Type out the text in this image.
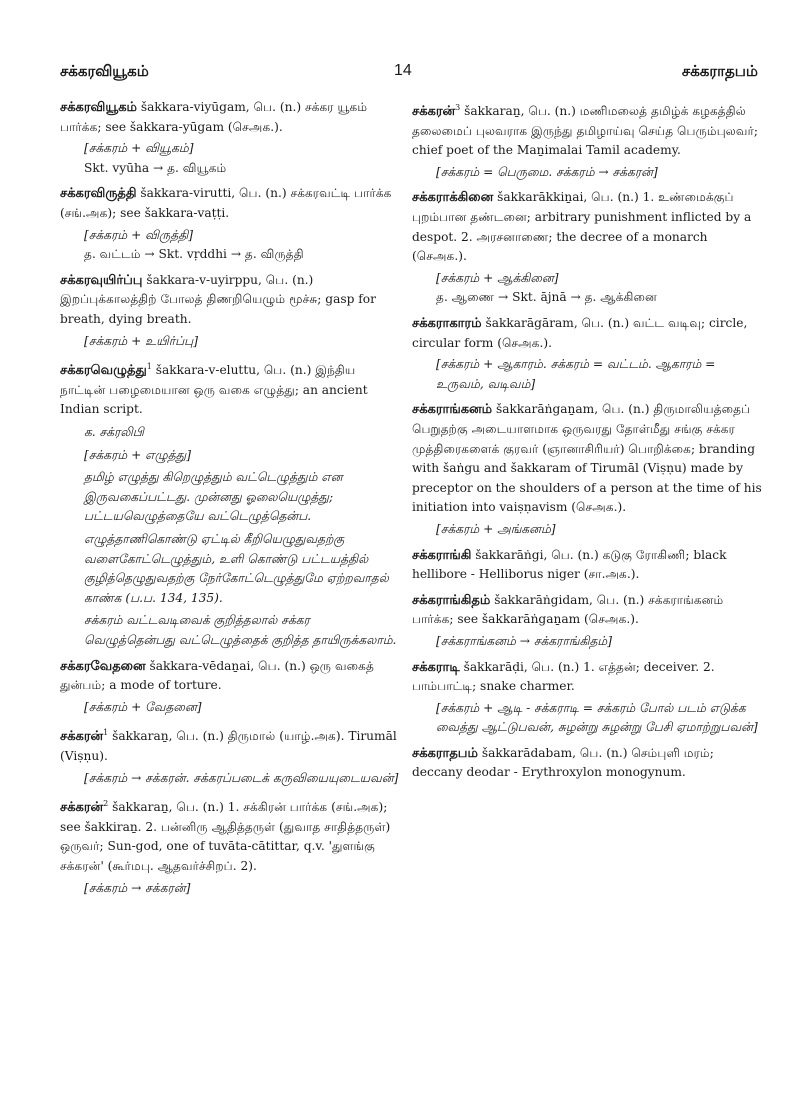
சக்கரவியூகம்	14	சக்கராதபம்

சக்கரவியூகம் šakkara-viyūgam, பெ. (n.) சக்கர யூகம் பார்க்க; see šakkara-yūgam (செஅக.).

[சக்கரம் + வியூகம்]

Skt. vyūha → த. வியூகம்

சக்கரவிருத்தி šakkara-virutti, பெ. (n.) சக்கரவட்டி பார்க்க (சங்.அக); see šakkara-vaṭṭi.

[சக்கரம் + விருத்தி]

த. வட்டம் → Skt. vṛddhi → த. விருத்தி

சக்கரவுயிர்ப்பு šakkara-v-uyirppu, பெ. (n.) இறப்புக்காலத்திற் போலத் திணறியெழும் மூச்சு; gasp for breath, dying breath.

[சக்கரம் + உயிர்ப்பு]

சக்கரவெழுத்து$^1$ šakkara-v-eluttu, பெ. (n.) இந்திய நாட்டின் பழைமையான ஒரு வகை எழுத்து; an ancient Indian script.

க. சக்ரலிபி

[சக்கரம் + எழுத்து]

தமிழ் எழுத்து கிறெழுத்தும் வட்டெழுத்தும் என இருவகைப்பட்டது. முன்னது ஓலையெழுத்து; பட்டயவெழுத்தையே வட்டெழுத்தென்ப.

எழுத்தாணிகொண்டு ஏட்டில் கீறியெழுதுவதற்கு வளைகோட்டெழுத்தும், உளி கொண்டு பட்டயத்தில் குழித்தெழுதுவதற்கு நேர்கோட்டெழுத்துமே ஏற்றவாதல் காண்க (ப.ப. 134, 135).

சக்கரம் வட்டவடிவைக் குறித்தலால் சக்கர வெழுத்தென்பது வட்டெழுத்தைக் குறித்த தாயிருக்கலாம்.

சக்கரவேதனை šakkara-vēdaṉai, பெ. (n.) ஒரு வகைத் துன்பம்; a mode of torture.

[சக்கரம் + வேதனை]

சக்கரன்$^1$ šakkaraṉ, பெ. (n.) திருமால் (யாழ்.அக). Tirumāl (Viṣṇu).

[சக்கரம் → சக்கரன். சக்கரப்படைக் கருவியையுடையவன்]

சக்கரன்$^2$ šakkaraṉ, பெ. (n.) 1. சக்கிரன் பார்க்க (சங்.அக); see šakkiraṉ. 2. பன்னிரு ஆதித்தருள் (துவாத சாதித்தருள்) ஒருவர்; Sun-god, one of tuvāta-cātittar, q.v. 'துளங்கு சக்கரன்' (கூர்மபு. ஆதவர்ச்சிறப். 2).

[சக்கரம் → சக்கரன்]

சக்கரன்$^3$ šakkaraṉ, பெ. (n.) மணிமலைத் தமிழ்க் கழகத்தில் தலைமைப் புலவராக இருந்து தமிழாய்வு செய்த பெரும்புலவர்; chief poet of the Maṉimalai Tamil academy.

[சக்கரம் = பெருமை. சக்கரம் → சக்கரன்]

சக்கராக்கினை šakkarākkiṉai, பெ. (n.) 1. உண்மைக்குப் புறம்பான தண்டனை; arbitrary punishment inflicted by a despot. 2. அரசனாணை; the decree of a monarch (செஅக.).

[சக்கரம் + ஆக்கினை]

த. ஆணை → Skt. ājnā → த. ஆக்கினை

சக்கராகாரம் šakkarāgāram, பெ. (n.) வட்ட வடிவு; circle, circular form (செஅக.).

[சக்கரம் + ஆகாரம். சக்கரம் = வட்டம். ஆகாரம் = உருவம், வடிவம்]

சக்கராங்கனம் šakkarāṅgaṉam, பெ. (n.) திருமாலியத்தைப் பெறுதற்கு அடையாளமாக ஒருவரது தோள்மீது சங்கு சக்கர முத்திரைகளைக் குரவர் (ஞானாசிரியர்) பொறிக்கை; branding with šaṅgu and šakkaram of Tirumāl (Viṣṇu) made by preceptor on the shoulders of a person at the time of his initiation into vaiṣṇavism (செஅக.).

[சக்கரம் + அங்கனம்]

சக்கராங்கி šakkarāṅgi, பெ. (n.) கடுகு ரோகிணி; black hellibore - Helliborus niger (சா.அக.).

சக்கராங்கிதம் šakkarāṅgidam, பெ. (n.) சக்கராங்கனம் பார்க்க; see šakkarāṅgaṉam (செஅக.).

[சக்கராங்கனம் → சக்கராங்கிதம்]

சக்கராடி šakkarāḍi, பெ. (n.) 1. எத்தன்; deceiver. 2. பாம்பாட்டி; snake charmer.

[சக்கரம் + ஆடி - சக்கராடி = சக்கரம் போல் படம் எடுக்க வைத்து ஆட்டுபவன், சுழன்று சுழன்று பேசி ஏமாற்றுபவன்]

சக்கராதபம் šakkarādabam, பெ. (n.) செம்புளி மரம்; deccany deodar - Erythroxylon monogynum.
